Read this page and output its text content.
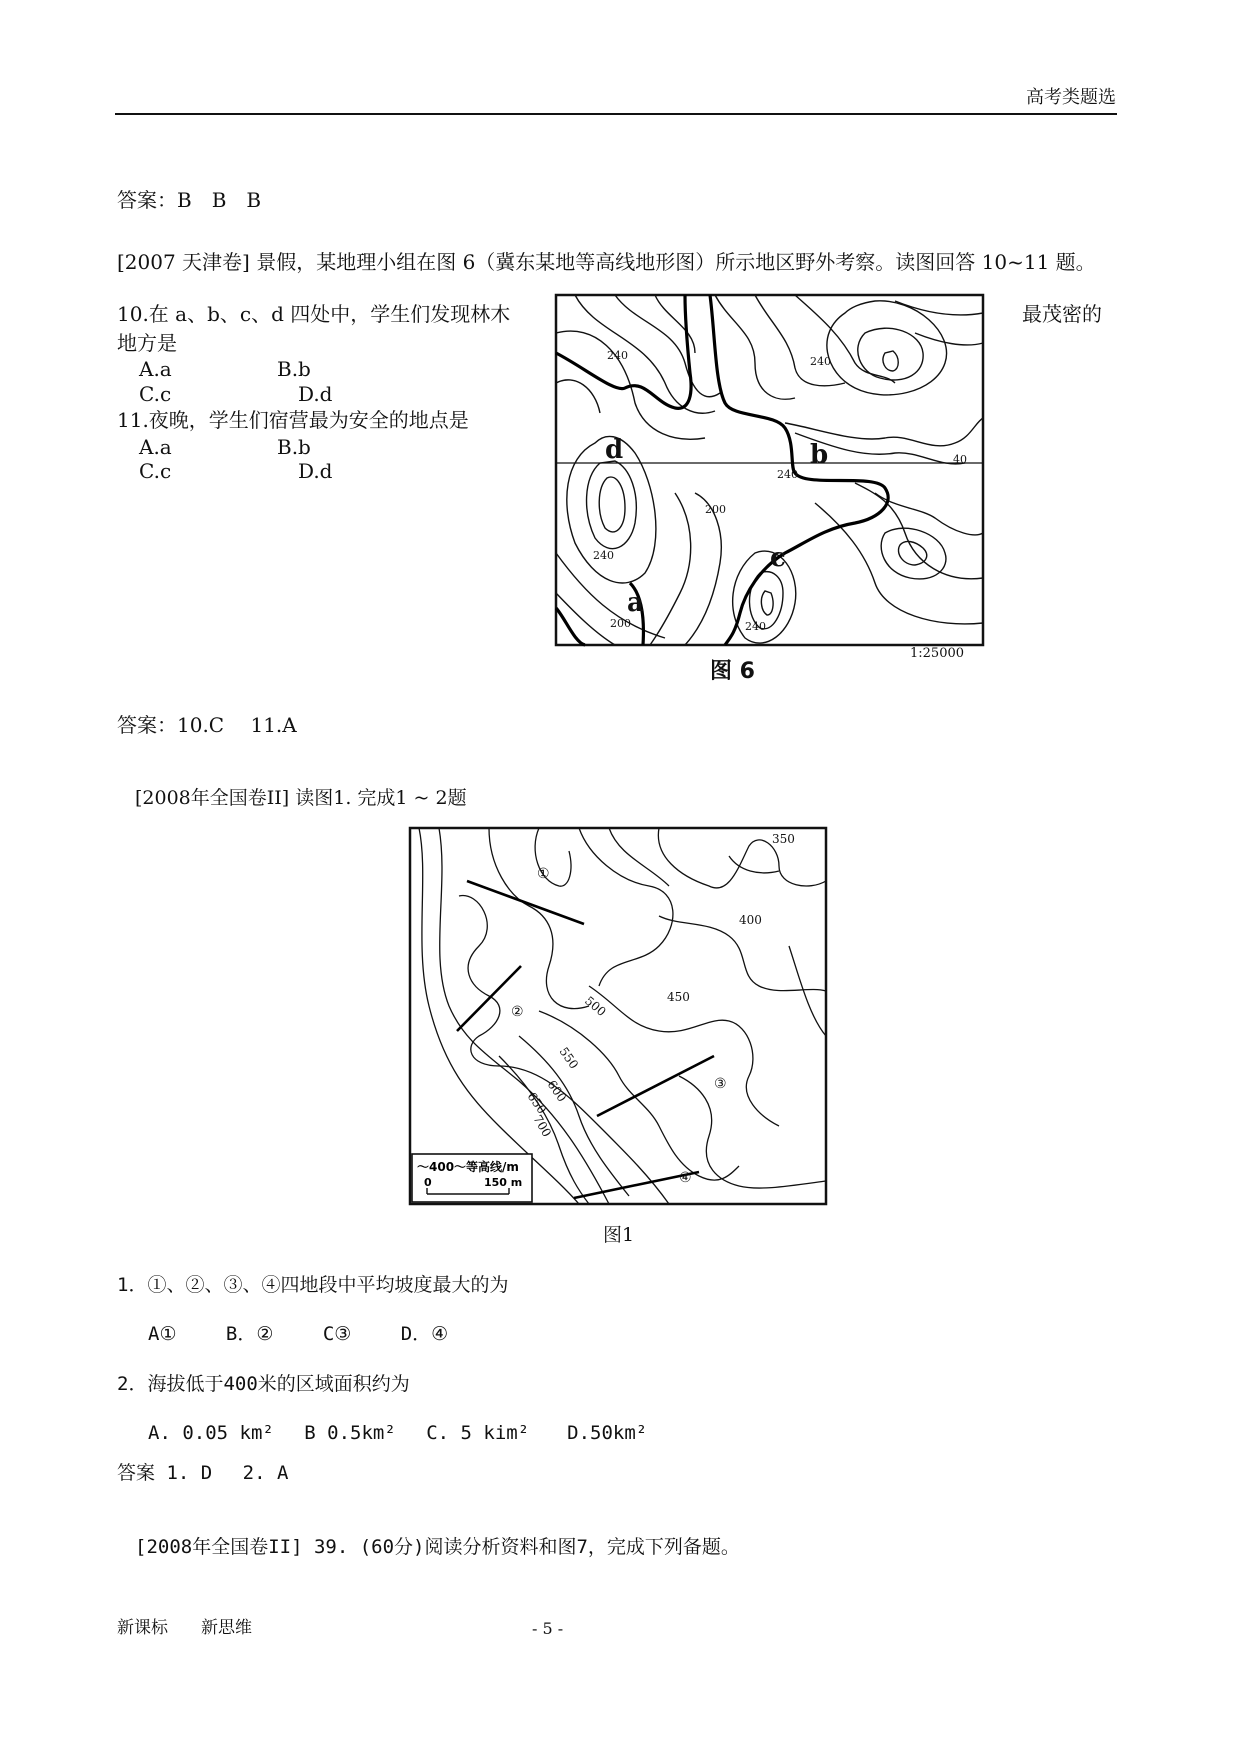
高考类题选
答案：B　B　B
[2007 天津卷] 景假，某地理小组在图 6（冀东某地等高线地形图）所示地区野外考察。读图回答 10~11 题。
10.在 a、b、c、d 四处中，学生们发现林木	最茂密的
地方是
A.a	B.b
C.c	D.d
11.夜晚，学生们宿营最为安全的地点是
A.a	B.b
C.c	D.d
d	b
c
a
240
240
240
200
240
200
240
40
图 6
1:25000
答案：10.C　 11.A
[2008年全国卷II] 读图1. 完成1 ~ 2题
①
②
③
④
350
400
450
500
550
600
650
700
～400～等高线/m
0	150 m
图1
1．①、②、③、④四地段中平均坡度最大的为
A①　　 B．②　　 C③　　 D．④
2．海拔低于400米的区域面积约为
A. 0.05 km²　 B 0.5km²　 C. 5 kim²　　D.50km²
答案 1. D　 2. A
[2008年全国卷II] 39. (60分)阅读分析资料和图7，完成下列备题。
新课标 新思维	- 5 -
